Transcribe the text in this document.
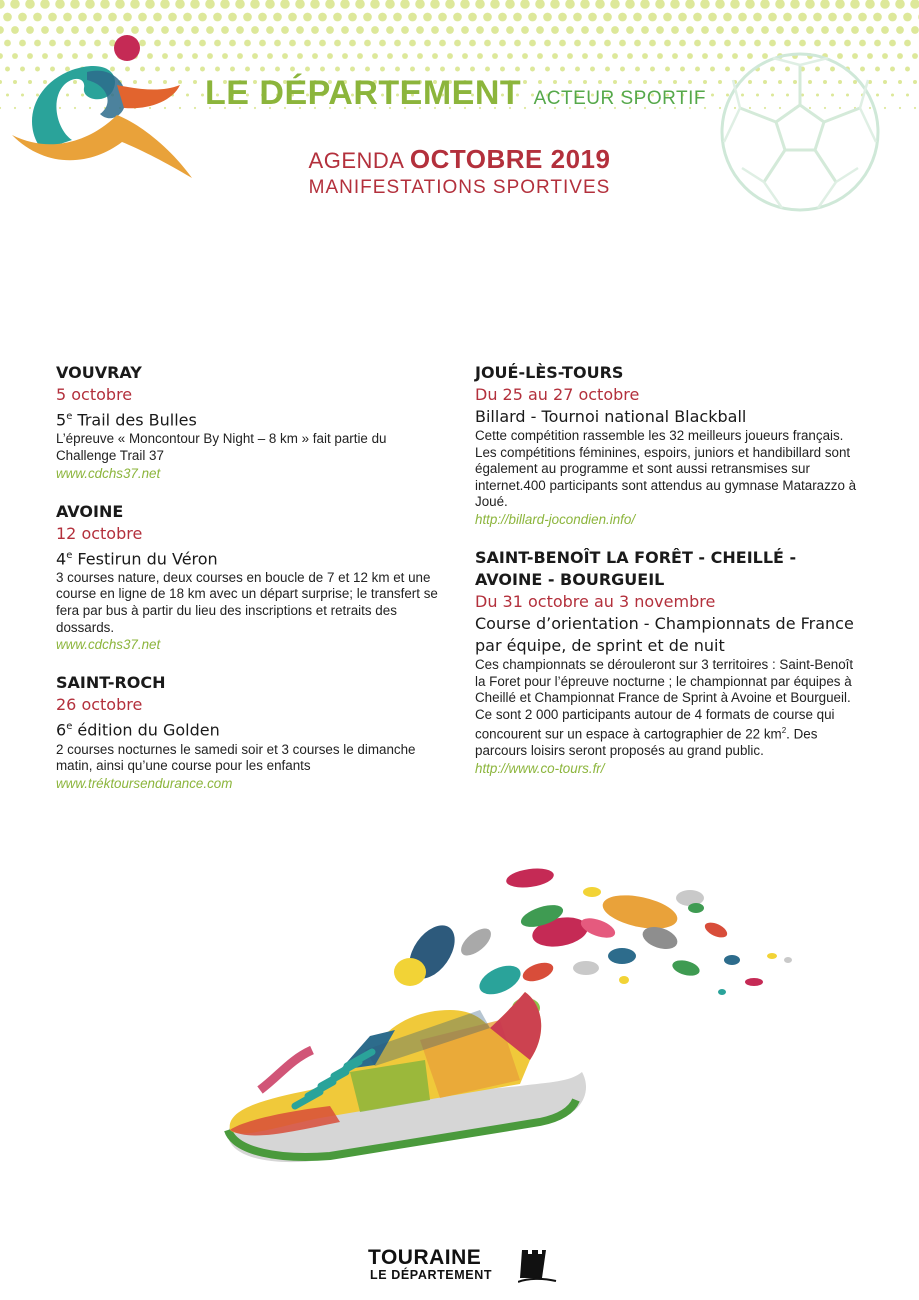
LE DÉPARTEMENT ACTEUR SPORTIF
AGENDA OCTOBRE 2019
MANIFESTATIONS SPORTIVES
VOUVRAY
5 octobre
5e Trail des Bulles
L’épreuve « Moncontour By Night – 8 km » fait partie du Challenge Trail 37
www.cdchs37.net
AVOINE
12 octobre
4e Festirun du Véron
3 courses nature, deux courses en boucle de 7 et 12 km et une course en ligne de 18 km avec un départ surprise; le transfert se fera par bus à partir du lieu des inscriptions et retraits des dossards.
www.cdchs37.net
SAINT-ROCH
26 octobre
6e édition du Golden
2 courses nocturnes le samedi soir et 3 courses le dimanche matin, ainsi qu’une course pour les enfants
www.tréktoursendurance.com
JOUÉ-LÈS-TOURS
Du 25 au 27 octobre
Billard - Tournoi national Blackball
Cette compétition rassemble les 32 meilleurs joueurs français. Les compétitions féminines, espoirs, juniors et handibillard sont également au programme et sont aussi retransmises sur internet.400 participants sont attendus au gymnase Matarazzo à Joué.
http://billard-jocondien.info/
SAINT-BENOÎT LA FORÊT - CHEILLÉ - AVOINE - BOURGUEIL
Du 31 octobre au 3 novembre
Course d’orientation - Championnats de France par équipe, de sprint et de nuit
Ces championnats se dérouleront sur 3 territoires : Saint-Benoît la Foret pour l’épreuve nocturne ; le championnat par équipes à Cheillé et Championnat France de Sprint à Avoine et Bourgueil. Ce sont 2 000 participants autour de 4 formats de course qui concourent sur un espace à cartographier de 22 $km^2$. Des parcours loisirs seront proposés au grand public.
http://www.co-tours.fr/
TOURAINE
LE DÉPARTEMENT
